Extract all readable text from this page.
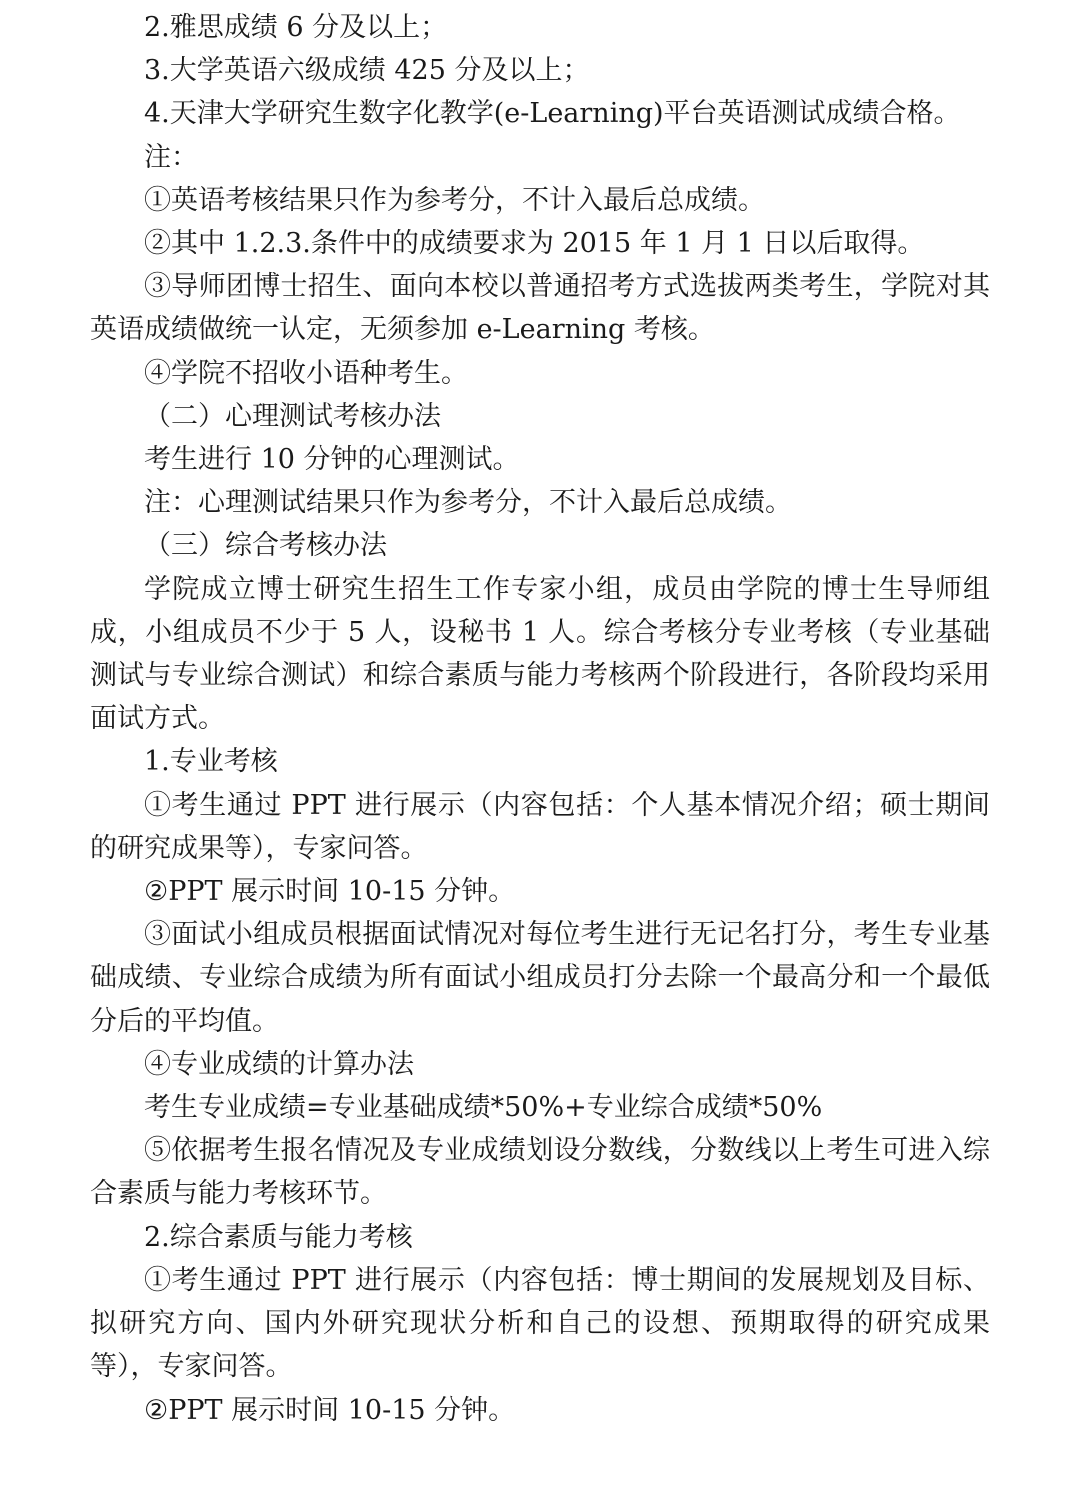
2.雅思成绩 6 分及以上；

3.大学英语六级成绩 425 分及以上；

4.天津大学研究生数字化教学(e-Learning)平台英语测试成绩合格。

注：

①英语考核结果只作为参考分，不计入最后总成绩。

②其中 1.2.3.条件中的成绩要求为 2015 年 1 月 1 日以后取得。

③导师团博士招生、面向本校以普通招考方式选拔两类考生，学院对其英语成绩做统一认定，无须参加 e-Learning 考核。

④学院不招收小语种考生。

（二）心理测试考核办法

考生进行 10 分钟的心理测试。

注：心理测试结果只作为参考分，不计入最后总成绩。

（三）综合考核办法

学院成立博士研究生招生工作专家小组，成员由学院的博士生导师组成，小组成员不少于 5 人，设秘书 1 人。综合考核分专业考核（专业基础测试与专业综合测试）和综合素质与能力考核两个阶段进行，各阶段均采用面试方式。

1.专业考核

①考生通过 PPT 进行展示（内容包括：个人基本情况介绍；硕士期间的研究成果等），专家问答。

②PPT 展示时间 10-15 分钟。

③面试小组成员根据面试情况对每位考生进行无记名打分，考生专业基础成绩、专业综合成绩为所有面试小组成员打分去除一个最高分和一个最低分后的平均值。

④专业成绩的计算办法

考生专业成绩=专业基础成绩*50%+专业综合成绩*50%

⑤依据考生报名情况及专业成绩划设分数线，分数线以上考生可进入综合素质与能力考核环节。

2.综合素质与能力考核

①考生通过 PPT 进行展示（内容包括：博士期间的发展规划及目标、拟研究方向、国内外研究现状分析和自己的设想、预期取得的研究成果等），专家问答。

②PPT 展示时间 10-15 分钟。
